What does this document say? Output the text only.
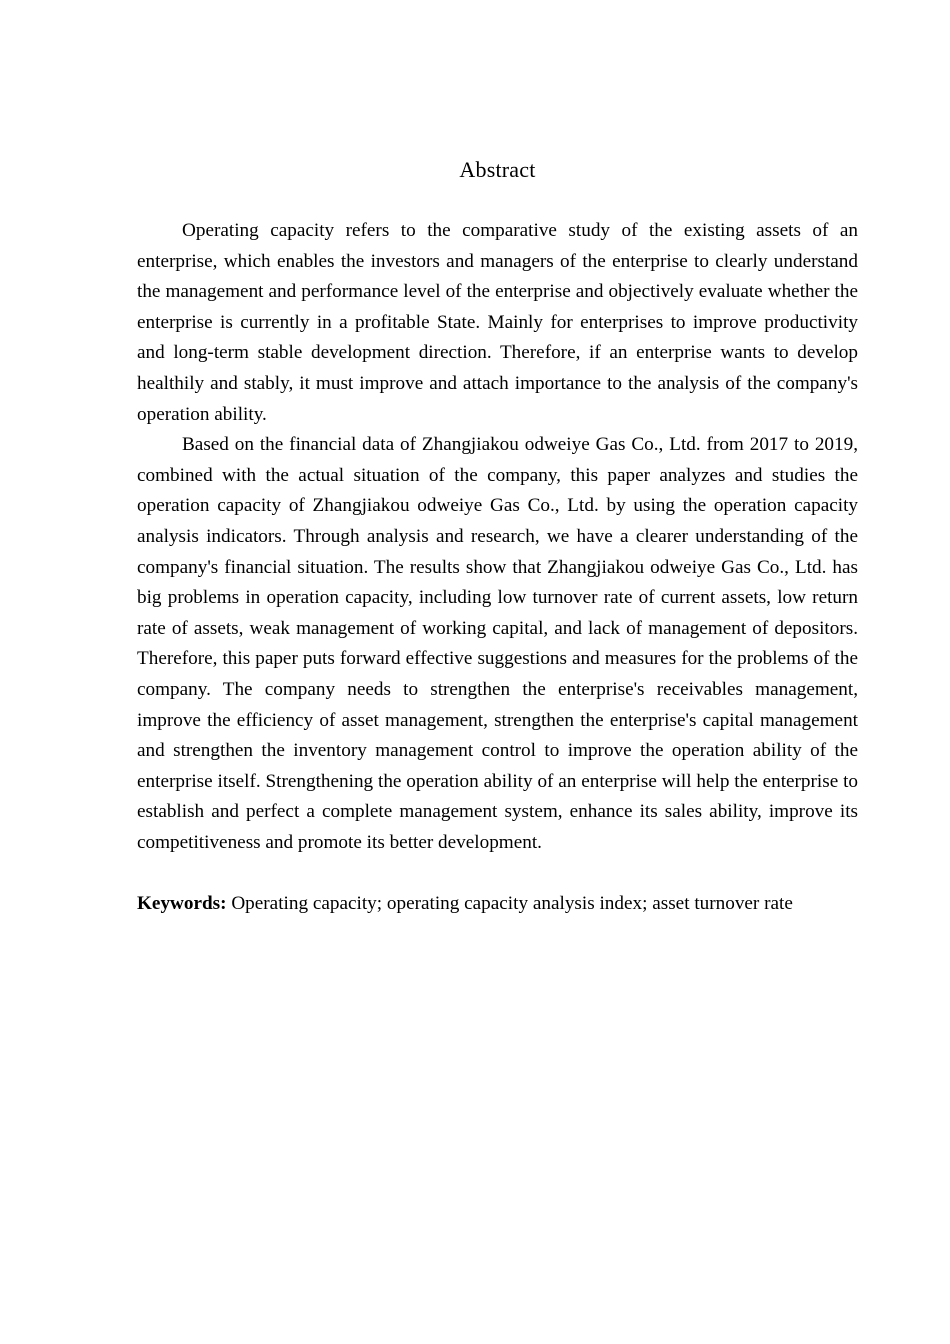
Abstract

Operating capacity refers to the comparative study of the existing assets of an enterprise, which enables the investors and managers of the enterprise to clearly understand the management and performance level of the enterprise and objectively evaluate whether the enterprise is currently in a profitable State. Mainly for enterprises to improve productivity and long-term stable development direction. Therefore, if an enterprise wants to develop healthily and stably, it must improve and attach importance to the analysis of the company's operation ability.

Based on the financial data of Zhangjiakou odweiye Gas Co., Ltd. from 2017 to 2019, combined with the actual situation of the company, this paper analyzes and studies the operation capacity of Zhangjiakou odweiye Gas Co., Ltd. by using the operation capacity analysis indicators. Through analysis and research, we have a clearer understanding of the company's financial situation. The results show that Zhangjiakou odweiye Gas Co., Ltd. has big problems in operation capacity, including low turnover rate of current assets, low return rate of assets, weak management of working capital, and lack of management of depositors. Therefore, this paper puts forward effective suggestions and measures for the problems of the company. The company needs to strengthen the enterprise's receivables management, improve the efficiency of asset management, strengthen the enterprise's capital management and strengthen the inventory management control to improve the operation ability of the enterprise itself. Strengthening the operation ability of an enterprise will help the enterprise to establish and perfect a complete management system, enhance its sales ability, improve its competitiveness and promote its better development.

Keywords: Operating capacity; operating capacity analysis index; asset turnover rate
